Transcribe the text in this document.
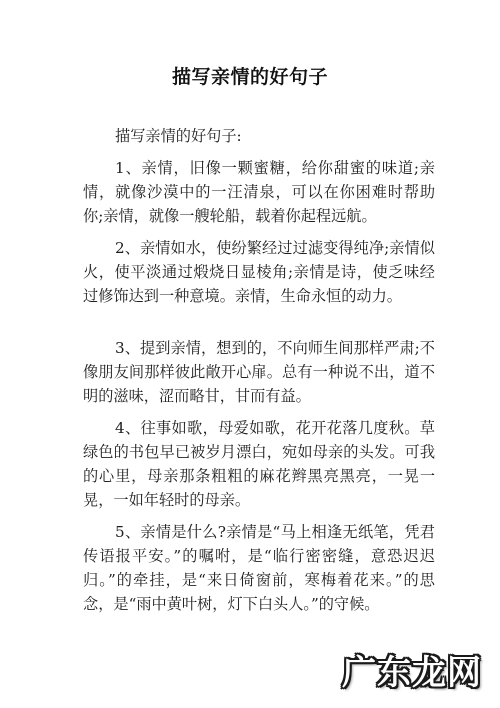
描写亲情的好句子

描写亲情的好句子:

1、亲情，旧像一颗蜜糖，给你甜蜜的味道;亲情，就像沙漠中的一汪清泉，可以在你困难时帮助你;亲情，就像一艘轮船，载着你起程远航。

2、亲情如水，使纷繁经过过滤变得纯净;亲情似火，使平淡通过煅烧日显棱角;亲情是诗，使乏味经过修饰达到一种意境。亲情，生命永恒的动力。

3、提到亲情，想到的，不向师生间那样严肃;不像朋友间那样彼此敞开心扉。总有一种说不出，道不明的滋味，涩而略甘，甘而有益。

4、往事如歌，母爱如歌，花开花落几度秋。草绿色的书包早已被岁月漂白，宛如母亲的头发。可我的心里，母亲那条粗粗的麻花辫黑亮黑亮，一晃一晃，一如年轻时的母亲。

5、亲情是什么?亲情是“马上相逢无纸笔，凭君传语报平安。”的嘱咐，是“临行密密缝，意恐迟迟归。”的牵挂，是“来日倚窗前，寒梅着花来。”的思念，是“雨中黄叶树，灯下白头人。”的守候。

广东龙网
